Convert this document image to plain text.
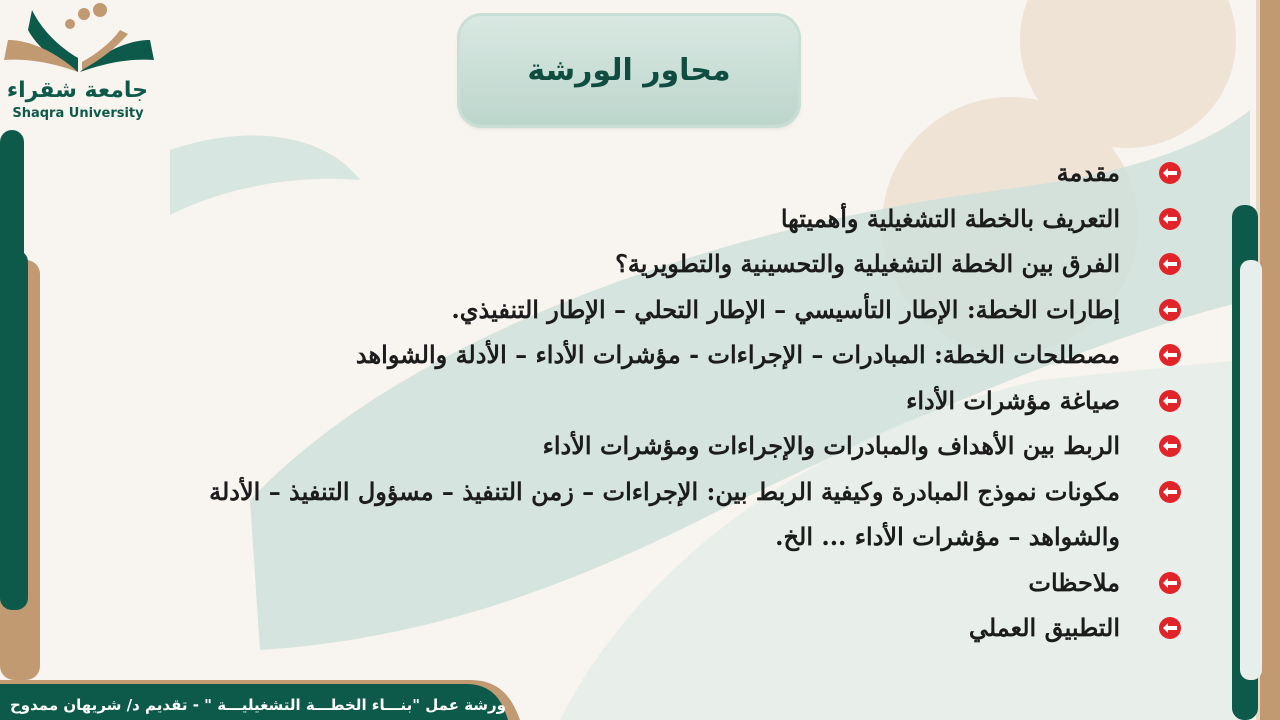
جامعة شقراء
Shaqra University
محاور الورشة
مقدمة
التعريف بالخطة التشغيلية وأهميتها
الفرق بين الخطة التشغيلية والتحسينية والتطويرية؟
إطارات الخطة: الإطار التأسيسي – الإطار التحلي – الإطار التنفيذي.
مصطلحات الخطة: المبادرات – الإجراءات - مؤشرات الأداء – الأدلة والشواهد
صياغة مؤشرات الأداء
الربط بين الأهداف والمبادرات والإجراءات ومؤشرات الأداء
مكونات نموذج المبادرة وكيفية الربط بين: الإجراءات – زمن التنفيذ – مسؤول التنفيذ – الأدلة والشواهد – مؤشرات الأداء ... الخ.
ملاحظات
التطبيق العملي
ورشة عمل "بنـــاء الخطـــة التشغيليـــة " - تقديم د/ شريهان ممدوح
